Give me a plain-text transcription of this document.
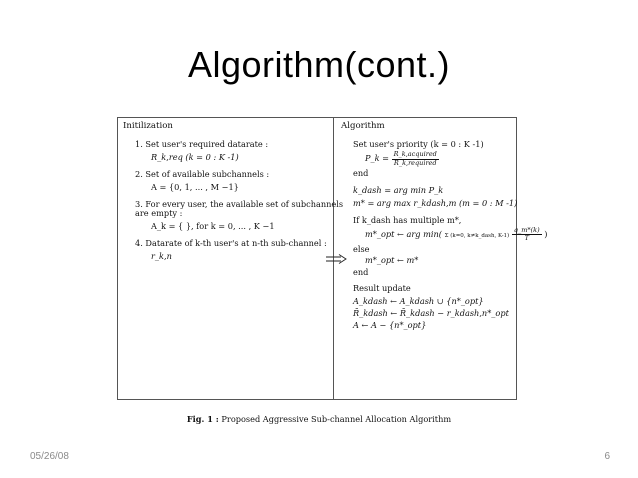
Algorithm(cont.)
Initilization
1. Set user's required datarate :
R_k,req (k = 0 : K -1)
2. Set of available subchannels :
A = {0, 1, ... , M −1}
3. For every user, the available set of subchannels
are empty :
A_k = { }, for k = 0, ... , K −1
4. Datarate of k-th user's at n-th sub-channel :
r_k,n
Algorithm
Set user's priority (k = 0 : K -1)
P_k = $\frac{\text{R\_k,acquired}}{\text{R\_k,required}}$
end
k_dash = arg min P_k
m* = arg max r_kdash,m (m = 0 : M -1)
If k_dash has multiple m*,
m*_opt ← arg min( Σ (k=0, k≠k_dash, $K-1) \frac{q\_m*(k)}{T}$ )
else
m*_opt ← m*
end
Result update
A_kdash ← A_kdash ∪ {n*_opt}
R̄_kdash ← R̄_kdash − r_kdash,n*_opt
A ← A − {n*_opt}
Fig. 1 : Proposed Aggressive Sub-channel Allocation Algorithm
05/26/08	6
